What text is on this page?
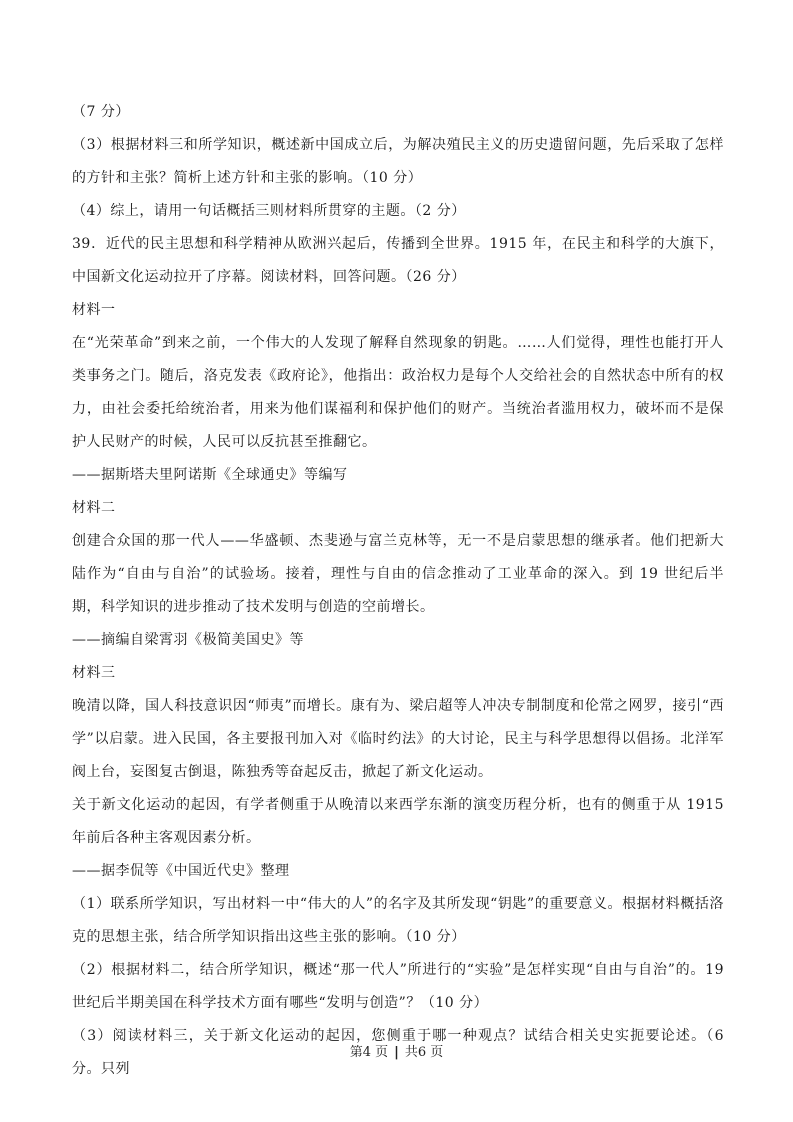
（7 分）

（3）根据材料三和所学知识，概述新中国成立后，为解决殖民主义的历史遗留问题，先后采取了怎样的方针和主张？简析上述方针和主张的影响。（10 分）

（4）综上，请用一句话概括三则材料所贯穿的主题。（2 分）

39．近代的民主思想和科学精神从欧洲兴起后，传播到全世界。1915 年，在民主和科学的大旗下，中国新文化运动拉开了序幕。阅读材料，回答问题。（26 分）

材料一

在“光荣革命”到来之前，一个伟大的人发现了解释自然现象的钥匙。……人们觉得，理性也能打开人类事务之门。随后，洛克发表《政府论》，他指出：政治权力是每个人交给社会的自然状态中所有的权力，由社会委托给统治者，用来为他们谋福利和保护他们的财产。当统治者滥用权力，破坏而不是保护人民财产的时候，人民可以反抗甚至推翻它。

——据斯塔夫里阿诺斯《全球通史》等编写

材料二

创建合众国的那一代人——华盛顿、杰斐逊与富兰克林等，无一不是启蒙思想的继承者。他们把新大陆作为“自由与自治”的试验场。接着，理性与自由的信念推动了工业革命的深入。到 19 世纪后半期，科学知识的进步推动了技术发明与创造的空前增长。

——摘编自梁霄羽《极简美国史》等

材料三

晚清以降，国人科技意识因“师夷”而增长。康有为、梁启超等人冲决专制制度和伦常之网罗，接引“西学”以启蒙。进入民国，各主要报刊加入对《临时约法》的大讨论，民主与科学思想得以倡扬。北洋军阀上台，妄图复古倒退，陈独秀等奋起反击，掀起了新文化运动。

关于新文化运动的起因，有学者侧重于从晚清以来西学东渐的演变历程分析，也有的侧重于从 1915 年前后各种主客观因素分析。

——据李侃等《中国近代史》整理

（1）联系所学知识，写出材料一中“伟大的人”的名字及其所发现“钥匙”的重要意义。根据材料概括洛克的思想主张，结合所学知识指出这些主张的影响。（10 分）

（2）根据材料二，结合所学知识，概述“那一代人”所进行的“实验”是怎样实现“自由与自治”的。19 世纪后半期美国在科学技术方面有哪些“发明与创造”？（10 分）

（3）阅读材料三，关于新文化运动的起因，您侧重于哪一种观点？试结合相关史实扼要论述。（6 分。只列

第4 页 | 共6 页
